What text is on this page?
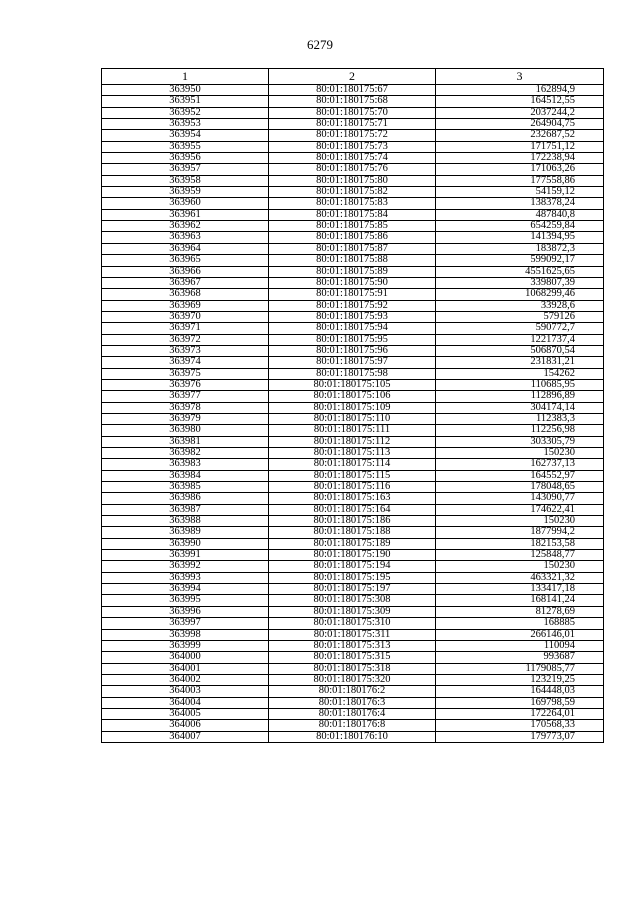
6279
1	2	3
363950	80:01:180175:67	162894,9
363951	80:01:180175:68	164512,55
363952	80:01:180175:70	2037244,2
363953	80:01:180175:71	264904,75
363954	80:01:180175:72	232687,52
363955	80:01:180175:73	171751,12
363956	80:01:180175:74	172238,94
363957	80:01:180175:76	171063,26
363958	80:01:180175:80	177558,86
363959	80:01:180175:82	54159,12
363960	80:01:180175:83	138378,24
363961	80:01:180175:84	487840,8
363962	80:01:180175:85	654259,84
363963	80:01:180175:86	141394,95
363964	80:01:180175:87	183872,3
363965	80:01:180175:88	599092,17
363966	80:01:180175:89	4551625,65
363967	80:01:180175:90	339807,39
363968	80:01:180175:91	1068299,46
363969	80:01:180175:92	33928,6
363970	80:01:180175:93	579126
363971	80:01:180175:94	590772,7
363972	80:01:180175:95	1221737,4
363973	80:01:180175:96	506870,54
363974	80:01:180175:97	231831,21
363975	80:01:180175:98	154262
363976	80:01:180175:105	110685,95
363977	80:01:180175:106	112896,89
363978	80:01:180175:109	304174,14
363979	80:01:180175:110	112383,3
363980	80:01:180175:111	112256,98
363981	80:01:180175:112	303305,79
363982	80:01:180175:113	150230
363983	80:01:180175:114	162737,13
363984	80:01:180175:115	164552,97
363985	80:01:180175:116	178048,65
363986	80:01:180175:163	143090,77
363987	80:01:180175:164	174622,41
363988	80:01:180175:186	150230
363989	80:01:180175:188	1877994,2
363990	80:01:180175:189	182153,58
363991	80:01:180175:190	125848,77
363992	80:01:180175:194	150230
363993	80:01:180175:195	463321,32
363994	80:01:180175:197	133417,18
363995	80:01:180175:308	168141,24
363996	80:01:180175:309	81278,69
363997	80:01:180175:310	168885
363998	80:01:180175:311	266146,01
363999	80:01:180175:313	110094
364000	80:01:180175:315	993687
364001	80:01:180175:318	1179085,77
364002	80:01:180175:320	123219,25
364003	80:01:180176:2	164448,03
364004	80:01:180176:3	169798,59
364005	80:01:180176:4	172264,01
364006	80:01:180176:8	170568,33
364007	80:01:180176:10	179773,07
